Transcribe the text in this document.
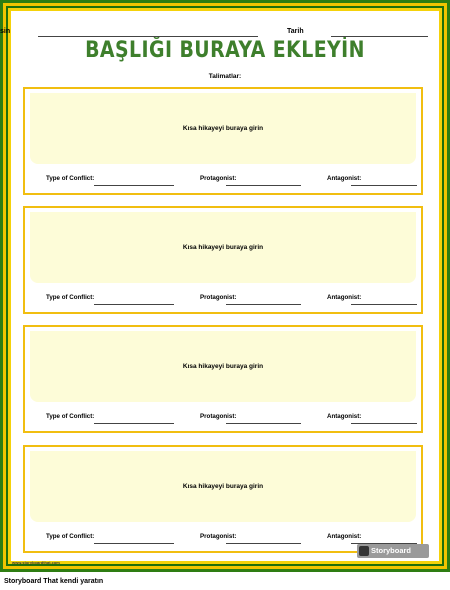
sin	Tarih
BAŞLIĞI BURAYA EKLEYİN
Talimatlar:
Kısa hikayeyi buraya girin
Type of Conflict:	Protagonist:	Antagonist:
Kısa hikayeyi buraya girin
Type of Conflict:	Protagonist:	Antagonist:
Kısa hikayeyi buraya girin
Type of Conflict:	Protagonist:	Antagonist:
Kısa hikayeyi buraya girin
Type of Conflict:	Protagonist:	Antagonist:
www.storyboardthat.com
Storyboard
Storyboard That kendi yaratın
